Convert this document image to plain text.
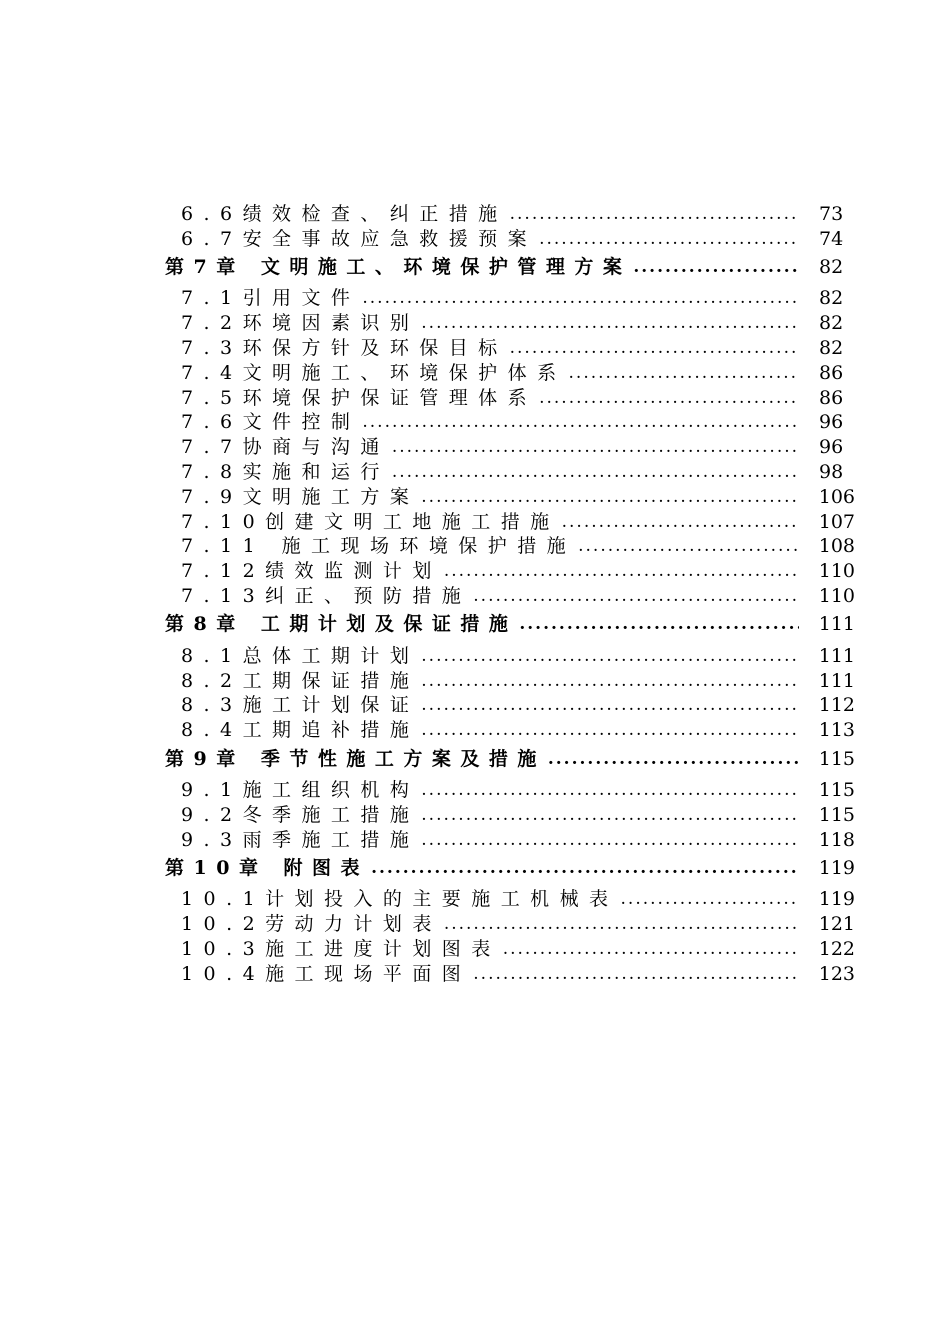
6.6绩效检查、纠正措施 .....	73
6.7安全事故应急救援预案 .....	74
第7章 文明施工、环境保护管理方案 .....	82
7.1引用文件 .....	82
7.2环境因素识别 .....	82
7.3环保方针及环保目标 .....	82
7.4文明施工、环境保护体系 .....	86
7.5环境保护保证管理体系 .....	86
7.6文件控制 .....	96
7.7协商与沟通 .....	96
7.8实施和运行 .....	98
7.9文明施工方案 .....	106
7.10创建文明工地施工措施 .....	107
7.11 施工现场环境保护措施 .....	108
7.12绩效监测计划 .....	110
7.13纠正、预防措施 .....	110
第8章 工期计划及保证措施 .....	111
8.1总体工期计划 .....	111
8.2工期保证措施 .....	111
8.3施工计划保证 .....	112
8.4工期追补措施 .....	113
第9章 季节性施工方案及措施 .....	115
9.1施工组织机构 .....	115
9.2冬季施工措施 .....	115
9.3雨季施工措施 .....	118
第10章 附图表 .....	119
10.1计划投入的主要施工机械表 .....	119
10.2劳动力计划表 .....	121
10.3施工进度计划图表 .....	122
10.4施工现场平面图 .....	123
